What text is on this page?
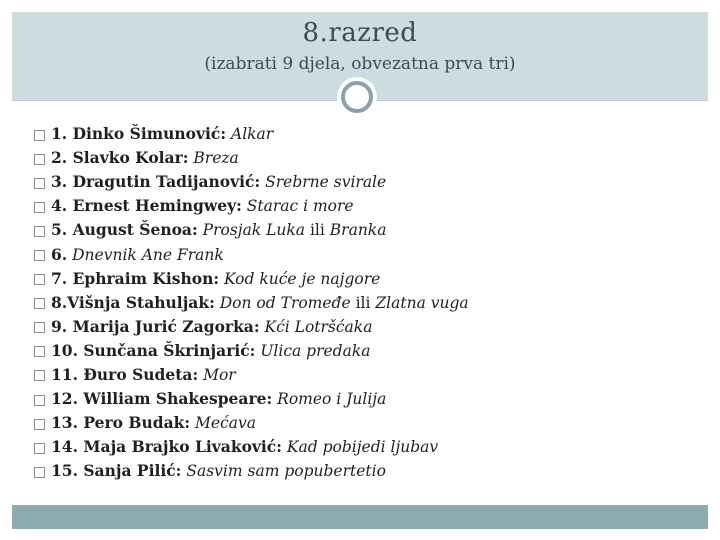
8.razred

(izabrati 9 djela, obvezatna prva tri)

1. Dinko Šimunović:
Alkar
2. Slavko Kolar:
Breza
3. Dragutin Tadijanović:
Srebrne svirale
4. Ernest Hemingwey:
Starac i more
5. August Šenoa:
Prosjak Luka ili Branka
6.
Dnevnik Ane Frank
7. Ephraim Kishon:
Kod kuće je najgore
8.Višnja Stahuljak:
Don od Tromeđe ili Zlatna vuga
9. Marija Jurić Zagorka:
Kći Lotršćaka
10. Sunčana Škrinjarić:
Ulica predaka
11. Đuro Sudeta:
Mor
12. William Shakespeare:
Romeo i Julija
13. Pero Budak:
Mećava
14. Maja Brajko Livaković:
Kad pobijedi ljubav
15. Sanja Pilić:
Sasvim sam popubertetio
